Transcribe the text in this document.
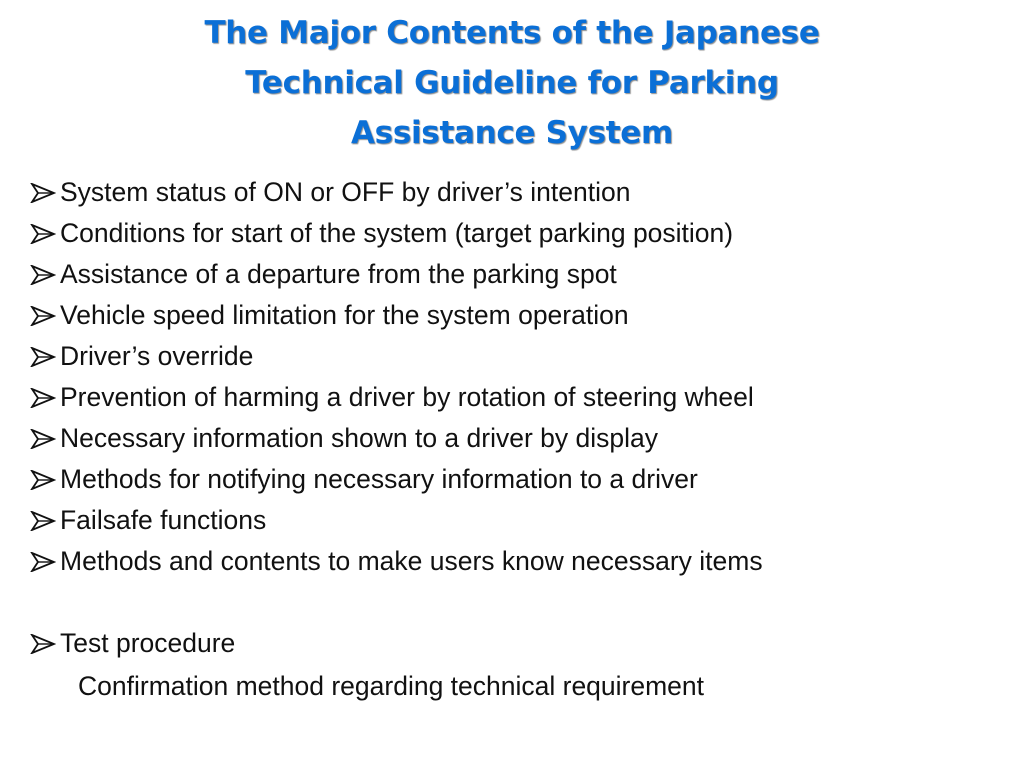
The Major Contents of the Japanese
Technical Guideline for Parking
Assistance System
System status of ON or OFF by driver’s intention
Conditions for start of the system (target parking position)
Assistance of a departure from the parking spot
Vehicle speed limitation for the system operation
Driver’s override
Prevention of harming a driver by rotation of steering wheel
Necessary information shown to a driver by display
Methods for notifying necessary information to a driver
Failsafe functions
Methods and contents to make users know necessary items
Test procedure
Confirmation method regarding technical requirement
